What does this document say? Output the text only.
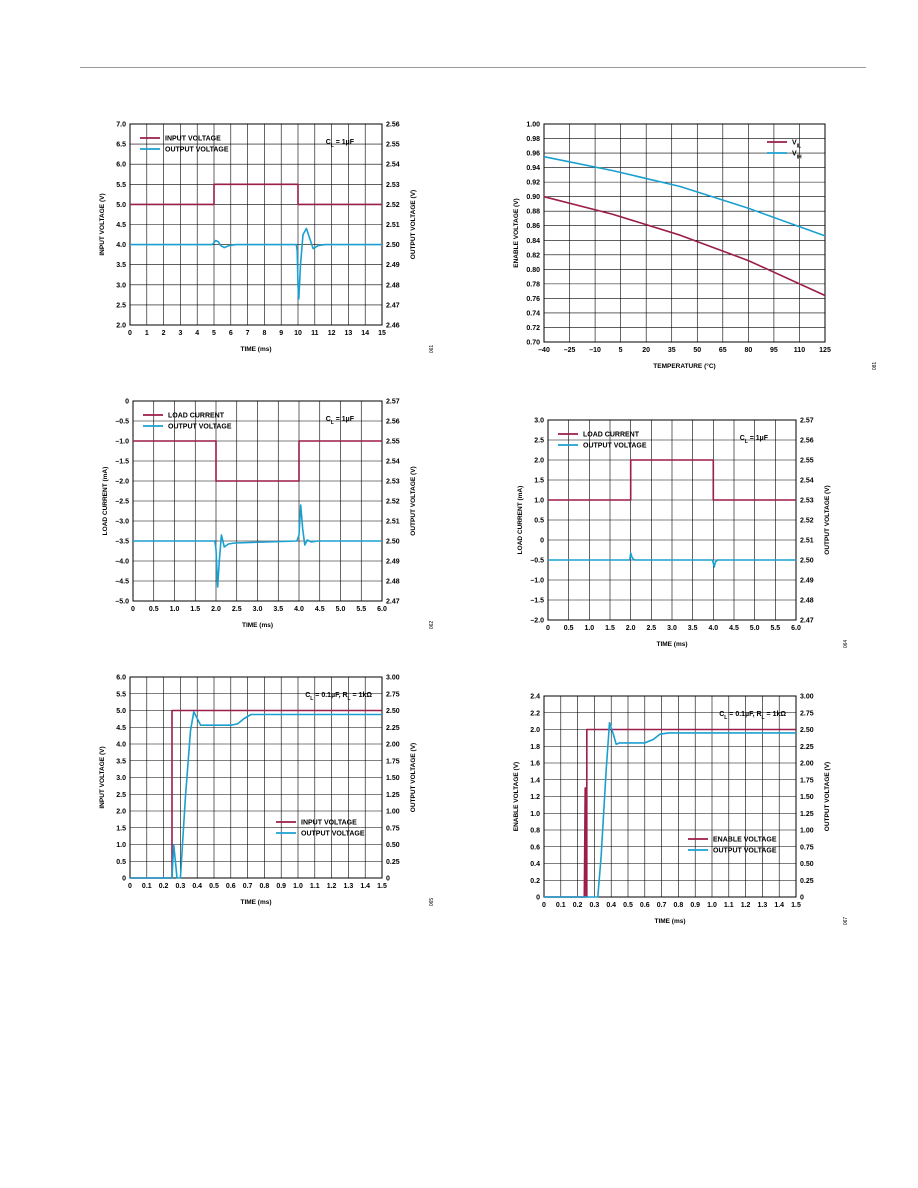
0 1 2 3 4 5 6 7 8 9 10 11 12 13 14 15
2.0
2.5
3.0
3.5
4.0
4.5
5.0
5.5
6.0
6.5
7.0
2.46
2.47
2.48
2.49
2.50
2.51
2.52
2.53
2.54
2.55
2.56
TIME (ms)
INPUT VOLTAGE (V)	OUTPUT VOLTAGE (V)
061
INPUT VOLTAGE
OUTPUT VOLTAGE
$C_L = 1\mu F$
–40 –25 –10	5	20	35	50	65	80	95 110 125
0.70
0.72
0.74
0.76
0.78
0.80
0.82
0.84
0.86
0.88
0.90
0.92
0.94
0.96
0.98
1.00
TEMPERATURE (°C)
ENABLE VOLTAGE (V)
081
$V_{IL}$
$V_{IH}$
0 0.5 1.0 1.5 2.0 2.5 3.0 3.5 4.0 4.5 5.0 5.5 6.0
–5.0
–4.5
–4.0
–3.5
–3.0
–2.5
–2.0
–1.5
–1.0
–0.5
0
2.47
2.48
2.49
2.50
2.51
2.52
2.53
2.54
2.55
2.56
2.57
TIME (ms)
LOAD CURRENT (mA)	OUTPUT VOLTAGE (V)
062
LOAD CURRENT
OUTPUT VOLTAGE
$C_L = 1\mu F$
0 0.5 1.0 1.5 2.0 2.5 3.0 3.5 4.0 4.5 5.0 5.5 6.0
–2.0
–1.5
–1.0
–0.5
0
0.5
1.0
1.5
2.0
2.5
3.0
2.47
2.48
2.49
2.50
2.51
2.52
2.53
2.54
2.55
2.56
2.57
TIME (ms)
LOAD CURRENT (mA)	OUTPUT VOLTAGE (V)
064
LOAD CURRENT
OUTPUT VOLTAGE
$C_L = 1\mu F$
0 0.1 0.2 0.3 0.4 0.5 0.6 0.7 0.8 0.9 1.0 1.1 1.2 1.3 1.4 1.5
0
0.5
1.0
1.5
2.0
2.5
3.0
3.5
4.0
4.5
5.0
5.5
6.0
0
0.25
0.50
0.75
1.00
1.25
1.50
1.75
2.00
2.25
2.50
2.75
3.00
TIME (ms)
INPUT VOLTAGE (V)	OUTPUT VOLTAGE (V)
065
INPUT VOLTAGE
OUTPUT VOLTAGE
$C_L = 0.1\mu F$, $R_L = 1k\Omega$
0 0.1 0.2 0.3 0.4 0.5 0.6 0.7 0.8 0.9 1.0 1.1 1.2 1.3 1.4 1.5
0
0.2
0.4
0.6
0.8
1.0
1.2
1.4
1.6
1.8
2.0
2.2
2.4
0
0.25
0.50
0.75
1.00
1.25
1.50
1.75
2.00
2.25
2.50
2.75
3.00
TIME (ms)
ENABLE VOLTAGE (V)	OUTPUT VOLTAGE (V)
067
ENABLE VOLTAGE
OUTPUT VOLTAGE
$C_L = 0.1\mu F$, $R_L = 1k\Omega$
